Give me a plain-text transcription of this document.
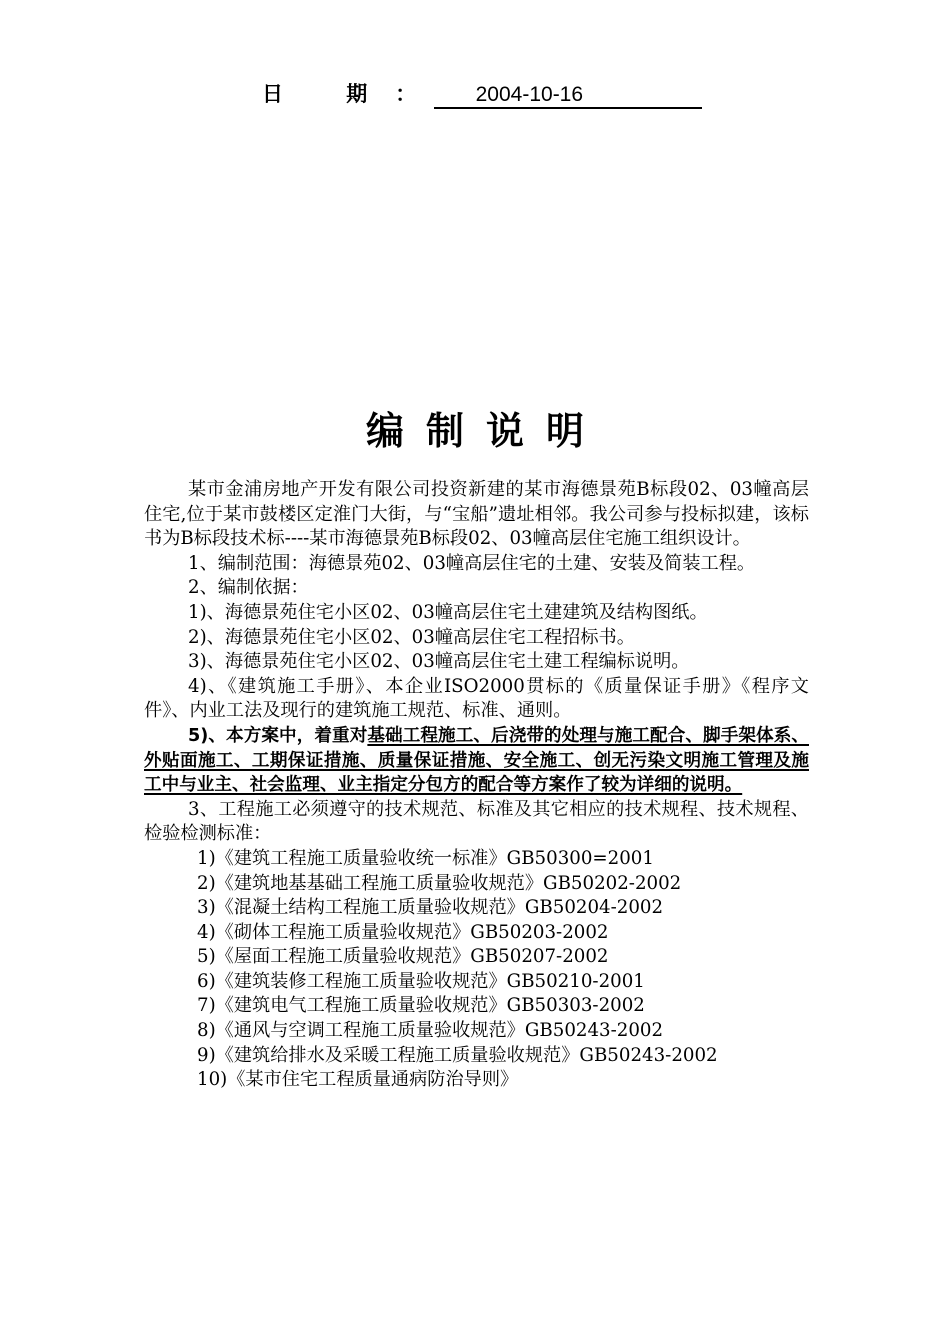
日 期： 2004-10-16
编制说明

某市金浦房地产开发有限公司投资新建的某市海德景苑B标段02、03幢高层住宅,位于某市鼓楼区定淮门大街，与“宝船”遗址相邻。我公司参与投标拟建，该标书为B标段技术标----某市海德景苑B标段02、03幢高层住宅施工组织设计。

1、编制范围：海德景苑02、03幢高层住宅的土建、安装及简装工程。

2、编制依据：

1)、海德景苑住宅小区02、03幢高层住宅土建建筑及结构图纸。

2)、海德景苑住宅小区02、03幢高层住宅工程招标书。

3)、海德景苑住宅小区02、03幢高层住宅土建工程编标说明。

4)、《建筑施工手册》、本企业ISO2000贯标的《质量保证手册》《程序文件》、内业工法及现行的建筑施工规范、标准、通则。

5)、本方案中，着重对基础工程施工、后浇带的处理与施工配合、脚手架体系、外贴面施工、工期保证措施、质量保证措施、安全施工、创无污染文明施工管理及施工中与业主、社会监理、业主指定分包方的配合等方案作了较为详细的说明。

3、工程施工必须遵守的技术规范、标准及其它相应的技术规程、技术规程、检验检测标准：

1)《建筑工程施工质量验收统一标准》GB50300=2001

2)《建筑地基基础工程施工质量验收规范》GB50202-2002

3)《混凝土结构工程施工质量验收规范》GB50204-2002

4)《砌体工程施工质量验收规范》GB50203-2002

5)《屋面工程施工质量验收规范》GB50207-2002

6)《建筑装修工程施工质量验收规范》GB50210-2001

7)《建筑电气工程施工质量验收规范》GB50303-2002

8)《通风与空调工程施工质量验收规范》GB50243-2002

9)《建筑给排水及采暖工程施工质量验收规范》GB50243-2002

10)《某市住宅工程质量通病防治导则》
